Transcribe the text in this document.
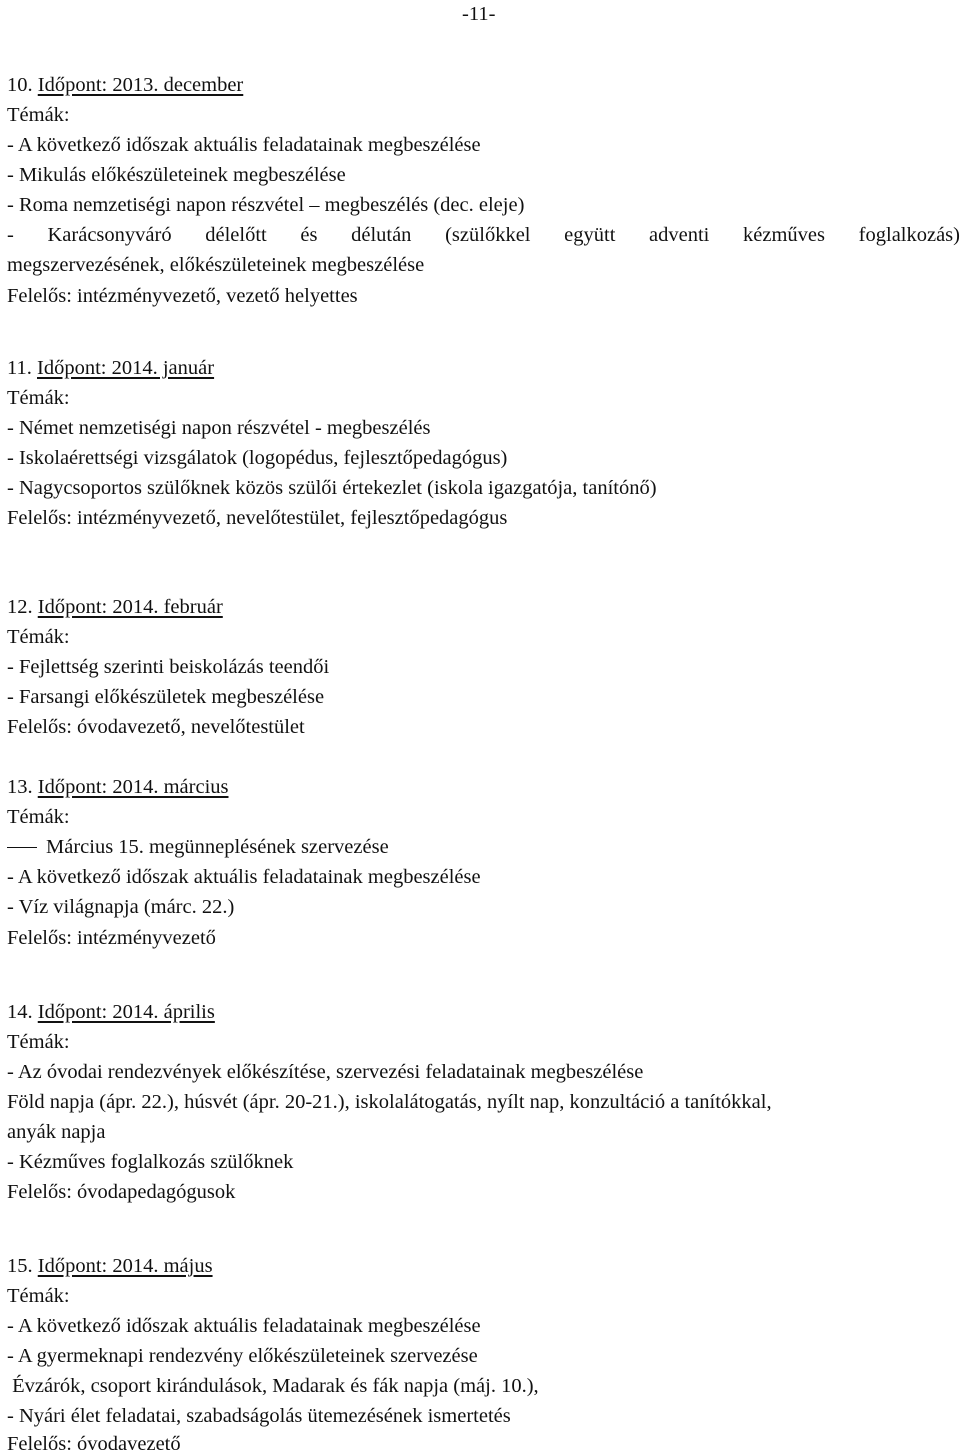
-11-
10. Időpont: 2013. december
Témák:
- A következő időszak aktuális feladatainak megbeszélése
- Mikulás előkészületeinek megbeszélése
- Roma nemzetiségi napon részvétel – megbeszélés (dec. eleje)
- Karácsonyváró délelőtt és délután (szülőkkel együtt adventi kézműves foglalkozás)
megszervezésének, előkészületeinek megbeszélése
Felelős: intézményvezető, vezető helyettes
11. Időpont: 2014. január
Témák:
- Német nemzetiségi napon részvétel - megbeszélés
- Iskolaérettségi vizsgálatok (logopédus, fejlesztőpedagógus)
- Nagycsoportos szülőknek közös szülői értekezlet (iskola igazgatója, tanítónő)
Felelős: intézményvezető, nevelőtestület, fejlesztőpedagógus
12. Időpont: 2014. február
Témák:
- Fejlettség szerinti beiskolázás teendői
- Farsangi előkészületek megbeszélése
Felelős: óvodavezető, nevelőtestület
13. Időpont: 2014. március
Témák:
Március 15. megünneplésének szervezése
- A következő időszak aktuális feladatainak megbeszélése
- Víz világnapja (márc. 22.)
Felelős: intézményvezető
14. Időpont: 2014. április
Témák:
- Az óvodai rendezvények előkészítése, szervezési feladatainak megbeszélése
Föld napja (ápr. 22.), húsvét (ápr. 20-21.), iskolalátogatás, nyílt nap, konzultáció a tanítókkal,
anyák napja
- Kézműves foglalkozás szülőknek
Felelős: óvodapedagógusok
15. Időpont: 2014. május
Témák:
- A következő időszak aktuális feladatainak megbeszélése
- A gyermeknapi rendezvény előkészületeinek szervezése
Évzárók, csoport kirándulások, Madarak és fák napja (máj. 10.),
- Nyári élet feladatai, szabadságolás ütemezésének ismertetés
Felelős: óvodavezető
